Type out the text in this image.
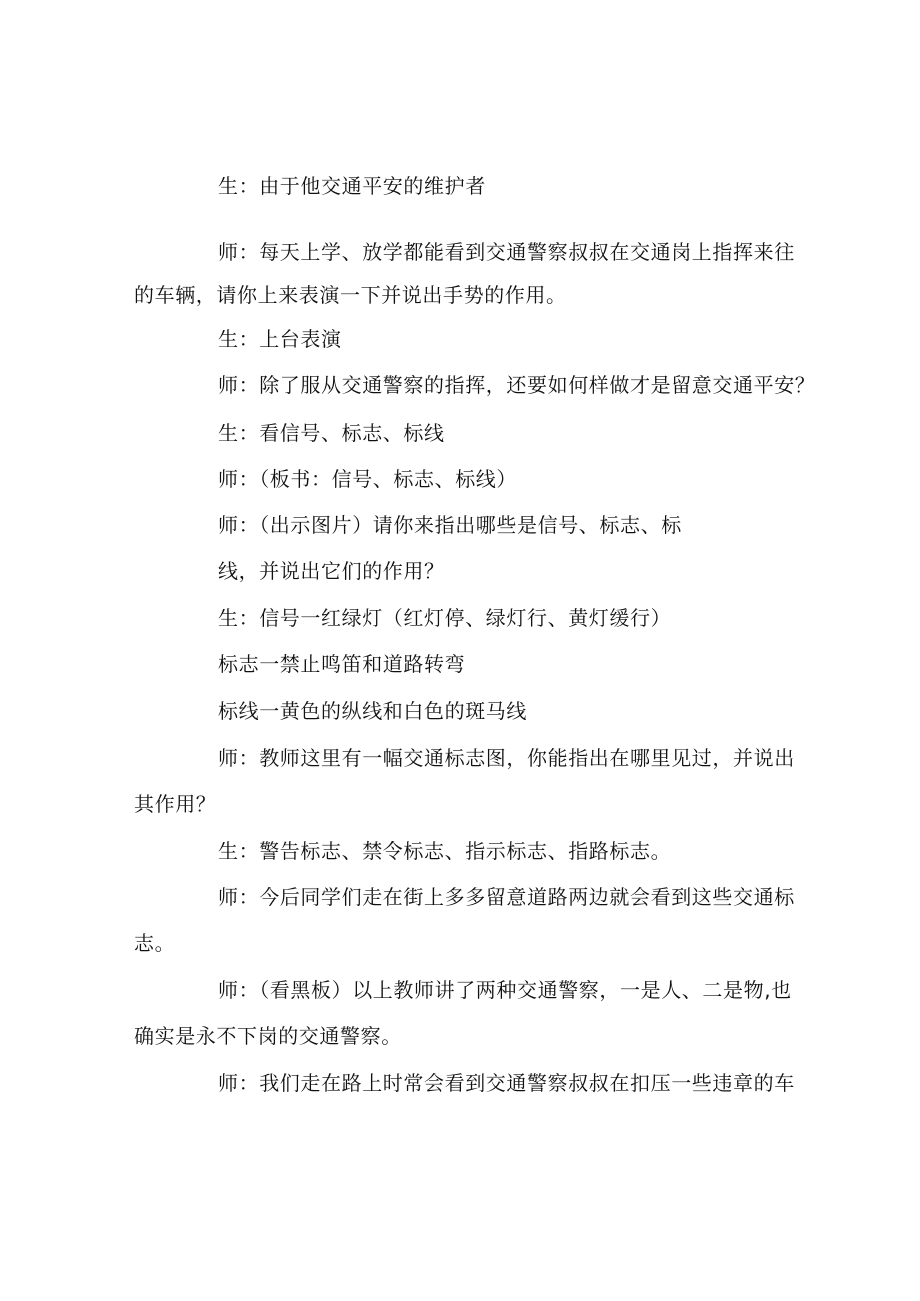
生：由于他交通平安的维护者

师：每天上学、放学都能看到交通警察叔叔在交通岗上指挥来往

的车辆，请你上来表演一下并说出手势的作用。

生：上台表演

师：除了服从交通警察的指挥，还要如何样做才是留意交通平安？

生：看信号、标志、标线

师：（板书：信号、标志、标线）

师：（出示图片）请你来指出哪些是信号、标志、标

线，并说出它们的作用？

生：信号一红绿灯（红灯停、绿灯行、黄灯缓行）

标志一禁止鸣笛和道路转弯

标线一黄色的纵线和白色的斑马线

师：教师这里有一幅交通标志图，你能指出在哪里见过，并说出

其作用？

生：警告标志、禁令标志、指示标志、指路标志。

师：今后同学们走在街上多多留意道路两边就会看到这些交通标

志。

师：（看黑板）以上教师讲了两种交通警察，一是人、二是物,也

确实是永不下岗的交通警察。

师：我们走在路上时常会看到交通警察叔叔在扣压一些违章的车
